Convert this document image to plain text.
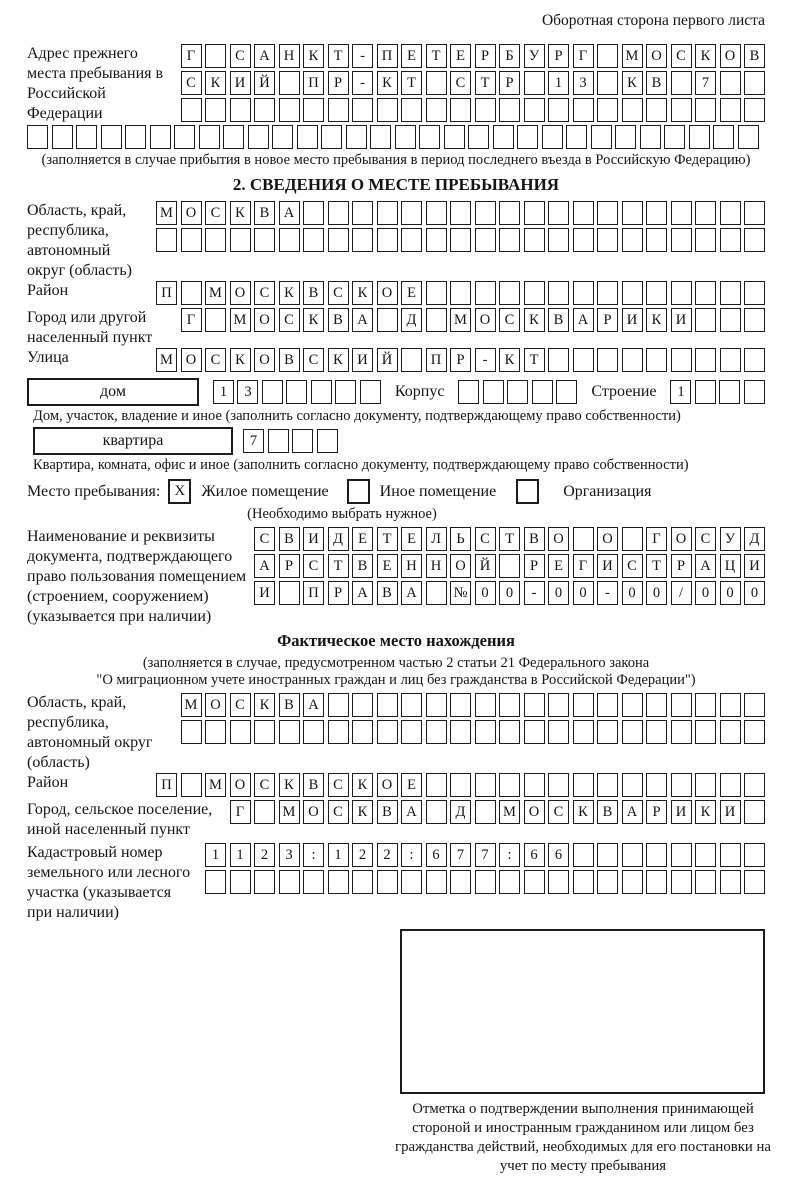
Оборотная сторона первого листа
Адрес прежнего места пребывания в Российской Федерации
Г	С А Н К	Т	-	П	Е	Т	Е	Р	Б	У	Р	Г	М О С	К О В
С	К И Й	П	Р	-	К	Т	С	Т	Р	1	3	К	В	7
(заполняется в случае прибытия в новое место пребывания в период последнего въезда в Российскую Федерацию)
2. СВЕДЕНИЯ О МЕСТЕ ПРЕБЫВАНИЯ
Область, край, республика, автономный округ (область)
М О С	К	В А
Район	П	М О С	К	В	С	К О	Е
Город или другой населенный пункт
Г	М О С	К	В А	Д	М О С	К	В А	Р	И К И
Улица	М О С	К О В	С	К И Й	П	Р	-	К	Т
дом	1	3	Корпус	Строение	1
Дом, участок, владение и иное (заполнить согласно документу, подтверждающему право собственности)
квартира	7
Квартира, комната, офис и иное (заполнить согласно документу, подтверждающему право собственности)
Место пребывания: X	Жилое помещение	Иное помещение	Организация
(Необходимо выбрать нужное)
Наименование и реквизиты документа, подтверждающего право пользования помещением (строением, сооружением) (указывается при наличии)
С	В И Д	Е	Т	Е	Л	Ь	С	Т	В О	О	Г	О С	У Д
А	Р	С	Т	В	Е	Н Н О Й	Р	Е	Г	И С	Т	Р	А Ц И
И	П	Р	А В А	№ 0	0	-	0	0	-	0	0	/	0	0	0
Фактическое место нахождения
(заполняется в случае, предусмотренном частью 2 статьи 21 Федерального закона
"О миграционном учете иностранных граждан и лиц без гражданства в Российской Федерации")
Область, край, республика, автономный округ (область)
М О С	К	В А
Район	П	М О С	К	В	С	К О	Е
Город, сельское поселение, иной населенный пункт
Г	М О С	К	В А	Д	М О С	К	В А	Р	И К И
Кадастровый номер земельного или лесного участка (указывается при наличии)
1	1	2	3	:	1	2	2	:	6	7	7	:	6	6
Отметка о подтверждении выполнения принимающей стороной и иностранным гражданином или лицом без гражданства действий, необходимых для его постановки на учет по месту пребывания
